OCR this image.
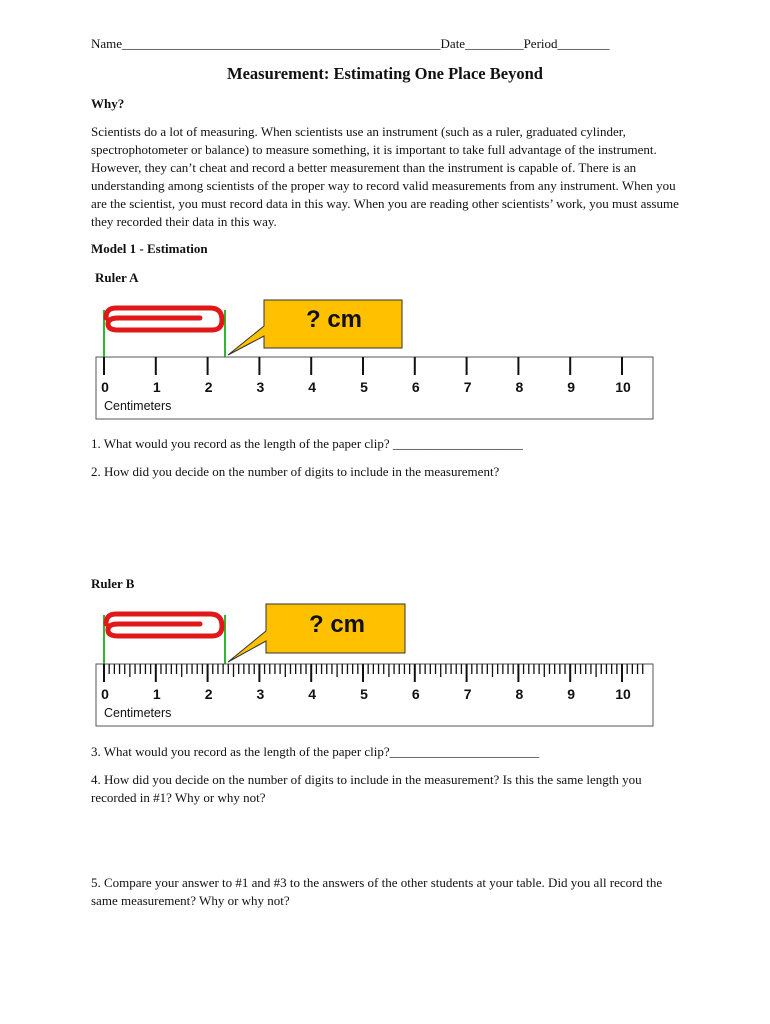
Name_________________________________________________Date_________Period________
Measurement: Estimating One Place Beyond
Why?
Scientists do a lot of measuring. When scientists use an instrument (such as a ruler, graduated cylinder, spectrophotometer or balance) to measure something, it is important to take full advantage of the instrument. However, they can’t cheat and record a better measurement than the instrument is capable of. There is an understanding among scientists of the proper way to record valid measurements from any instrument. When you are the scientist, you must record data in this way. When you are reading other scientists’ work, you must assume they recorded their data in this way.
Model 1 - Estimation
Ruler A
? cm
Centimeters
0	1	2	3	4	5	6	7	8	9	10
1. What would you record as the length of the paper clip? ____________________
2. How did you decide on the number of digits to include in the measurement?
Ruler B
? cm
Centimeters
0	1	2	3	4	5	6	7	8	9	10
3. What would you record as the length of the paper clip?_______________________
4. How did you decide on the number of digits to include in the measurement? Is this the same length you recorded in #1? Why or why not?
5. Compare your answer to #1 and #3 to the answers of the other students at your table. Did you all record the same measurement? Why or why not?
